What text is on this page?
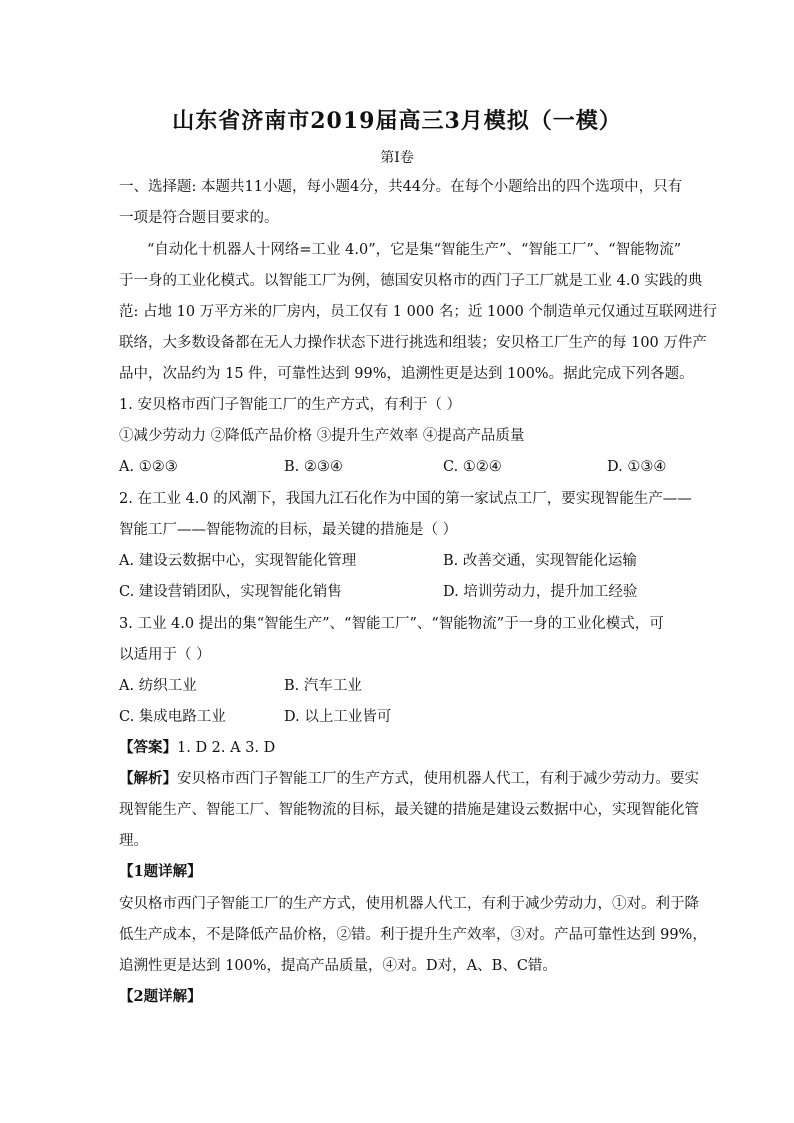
山东省济南市2019届高三3月模拟（一模）
第I卷
一、选择题: 本题共11小题，每小题4分，共44分。在每个小题给出的四个选项中，只有
一项是符合题目要求的。
“自动化十机器人十网络=工业 4.0”，它是集“智能生产”、“智能工厂”、“智能物流”
于一身的工业化模式。以智能工厂为例，德国安贝格市的西门子工厂就是工业 4.0 实践的典
范: 占地 10 万平方米的厂房内，员工仅有 1 000 名；近 1000 个制造单元仅通过互联网进行
联络，大多数设备都在无人力操作状态下进行挑选和组装；安贝格工厂生产的每 100 万件产
品中，次品约为 15 件，可靠性达到 99%，追溯性更是达到 100%。据此完成下列各题。
1. 安贝格市西门子智能工厂的生产方式，有利于（ ）
①减少劳动力 ②降低产品价格 ③提升生产效率 ④提高产品质量
A. ①②③	B. ②③④	C. ①②④	D. ①③④
2. 在工业 4.0 的风潮下，我国九江石化作为中国的第一家试点工厂，要实现智能生产——
智能工厂——智能物流的目标，最关键的措施是（ ）
A. 建设云数据中心，实现智能化管理	B. 改善交通，实现智能化运输
C. 建设营销团队，实现智能化销售	D. 培训劳动力，提升加工经验
3. 工业 4.0 提出的集“智能生产”、“智能工厂”、“智能物流”于一身的工业化模式，可
以适用于（ ）
A. 纺织工业	B. 汽车工业
C. 集成电路工业	D. 以上工业皆可
【答案】1. D 2. A 3. D
【解析】安贝格市西门子智能工厂的生产方式，使用机器人代工，有利于减少劳动力。要实
现智能生产、智能工厂、智能物流的目标，最关键的措施是建设云数据中心，实现智能化管
理。
【1题详解】
安贝格市西门子智能工厂的生产方式，使用机器人代工，有利于减少劳动力，①对。利于降
低生产成本，不是降低产品价格，②错。利于提升生产效率，③对。产品可靠性达到 99%，
追溯性更是达到 100%，提高产品质量，④对。D对，A、B、C错。
【2题详解】
